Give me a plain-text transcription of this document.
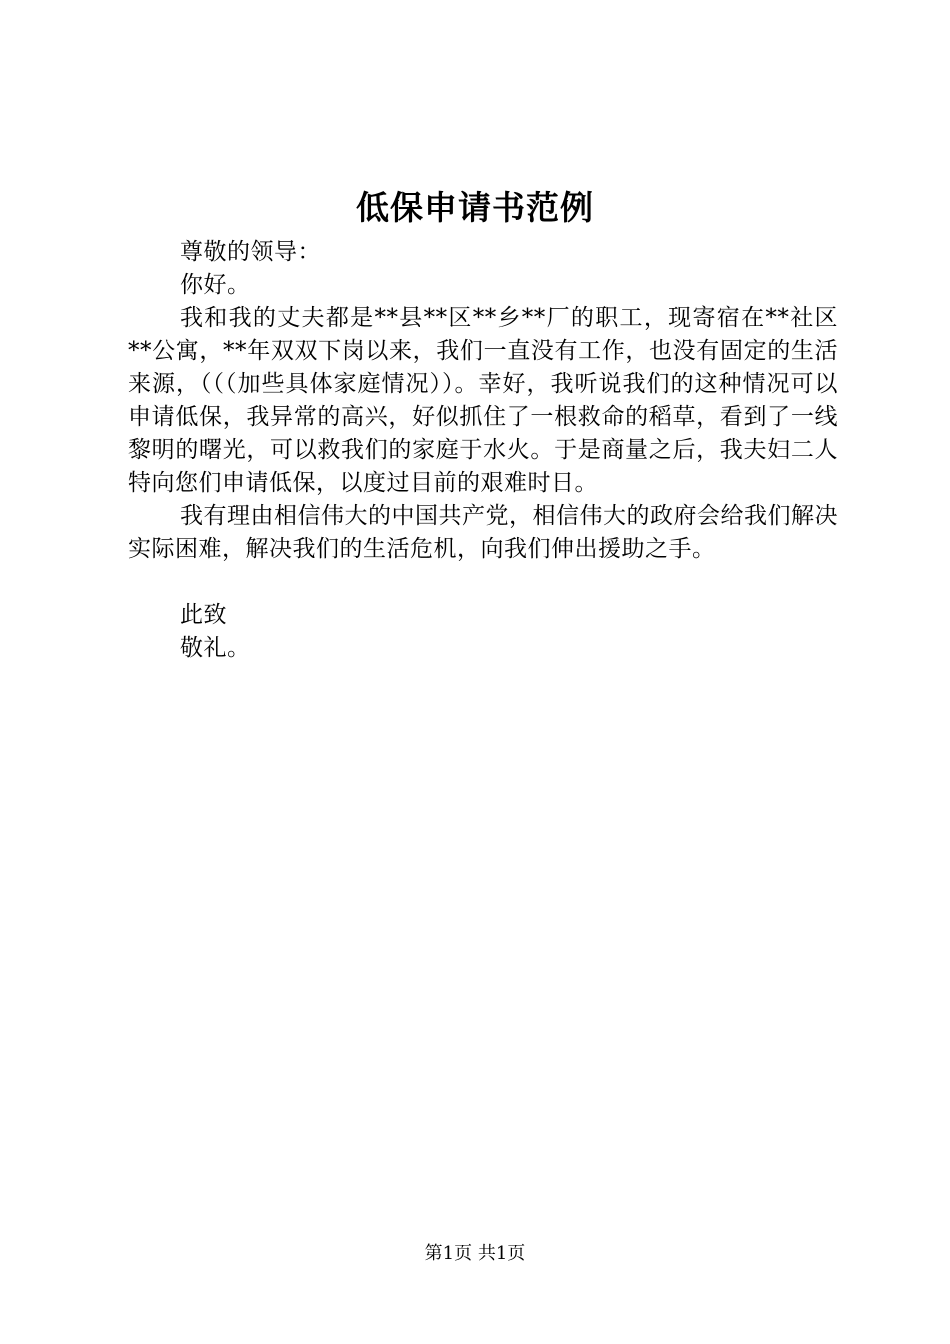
低保申请书范例
尊敬的领导：
你好。

我和我的丈夫都是**县**区**乡**厂的职工，现寄宿在**社区**公寓，**年双双下岗以来，我们一直没有工作，也没有固定的生活来源，（（（加些具体家庭情况））。幸好，我听说我们的这种情况可以申请低保，我异常的高兴，好似抓住了一根救命的稻草，看到了一线黎明的曙光，可以救我们的家庭于水火。于是商量之后，我夫妇二人特向您们申请低保，以度过目前的艰难时日。

我有理由相信伟大的中国共产党，相信伟大的政府会给我们解决实际困难，解决我们的生活危机，向我们伸出援助之手。

此致
敬礼。
第1页 共1页
